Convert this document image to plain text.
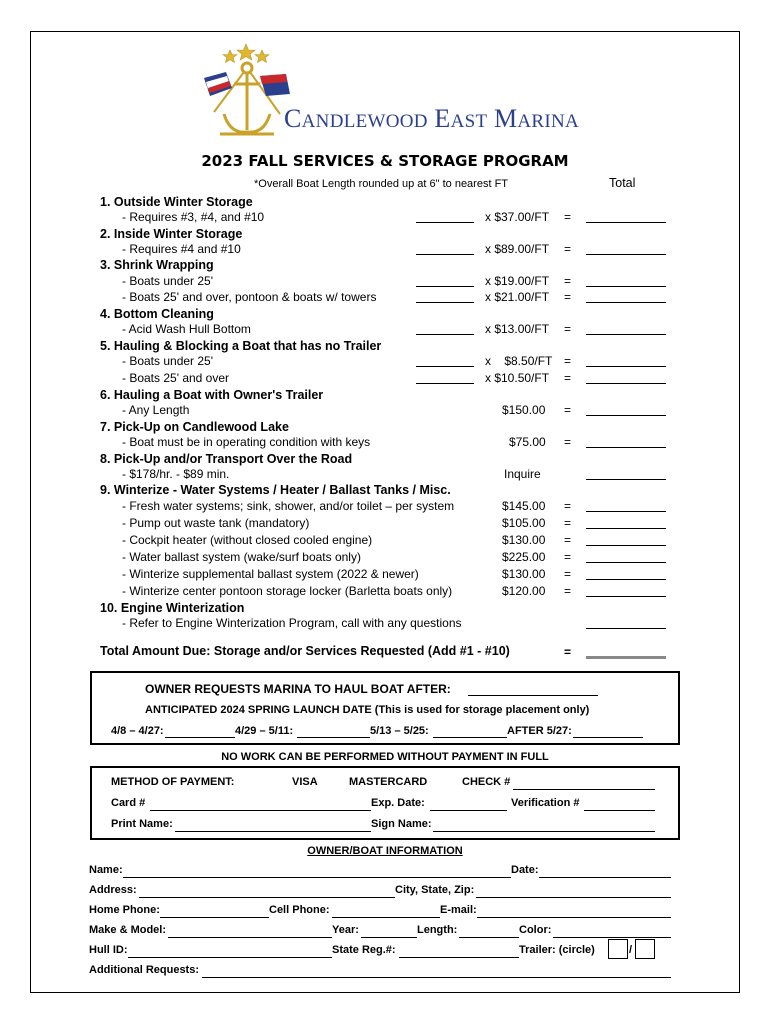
CANDLEWOOD EAST MARINA
2023 FALL SERVICES & STORAGE PROGRAM
*Overall Boat Length rounded up at 6" to nearest FT	Total
1. Outside Winter Storage
- Requires #3, #4, and #10	x $37.00/FT =
2. Inside Winter Storage
- Requires #4 and #10	x $89.00/FT =
3. Shrink Wrapping
- Boats under 25'	x $19.00/FT =
- Boats 25' and over, pontoon & boats w/ towers	x $21.00/FT =
4. Bottom Cleaning
- Acid Wash Hull Bottom	x $13.00/FT =
5. Hauling & Blocking a Boat that has no Trailer
- Boats under 25'	x    $8.50/FT =
- Boats 25' and over	x $10.50/FT =
6. Hauling a Boat with Owner's Trailer
- Any Length	$150.00 =
7. Pick-Up on Candlewood Lake
- Boat must be in operating condition with keys	$75.00 =
8. Pick-Up and/or Transport Over the Road
- $178/hr. - $89 min.	Inquire
9. Winterize - Water Systems / Heater / Ballast Tanks / Misc.
- Fresh water systems; sink, shower, and/or toilet – per system	$145.00 =
- Pump out waste tank (mandatory)	$105.00 =
- Cockpit heater (without closed cooled engine)	$130.00 =
- Water ballast system (wake/surf boats only)	$225.00 =
- Winterize supplemental ballast system (2022 & newer)	$130.00 =
- Winterize center pontoon storage locker (Barletta boats only)	$120.00 =
10. Engine Winterization
- Refer to Engine Winterization Program, call with any questions
Total Amount Due: Storage and/or Services Requested (Add #1 - #10)	=
OWNER REQUESTS MARINA TO HAUL BOAT AFTER:
ANTICIPATED 2024 SPRING LAUNCH DATE (This is used for storage placement only)
4/8 – 4/27:	4/29 – 5/11:	5/13 – 5/25:	AFTER 5/27:
NO WORK CAN BE PERFORMED WITHOUT PAYMENT IN FULL
METHOD OF PAYMENT:	VISA	MASTERCARD	CHECK #
Card #	Exp. Date:	Verification #
Print Name:	Sign Name:
OWNER/BOAT INFORMATION
Name:	Date:
Address:	City, State, Zip:
Home Phone:	Cell Phone:	E-mail:
Make & Model:	Year:	Length:	Color:
Hull ID:	State Reg.#:	Trailer: (circle)	/
Additional Requests:
